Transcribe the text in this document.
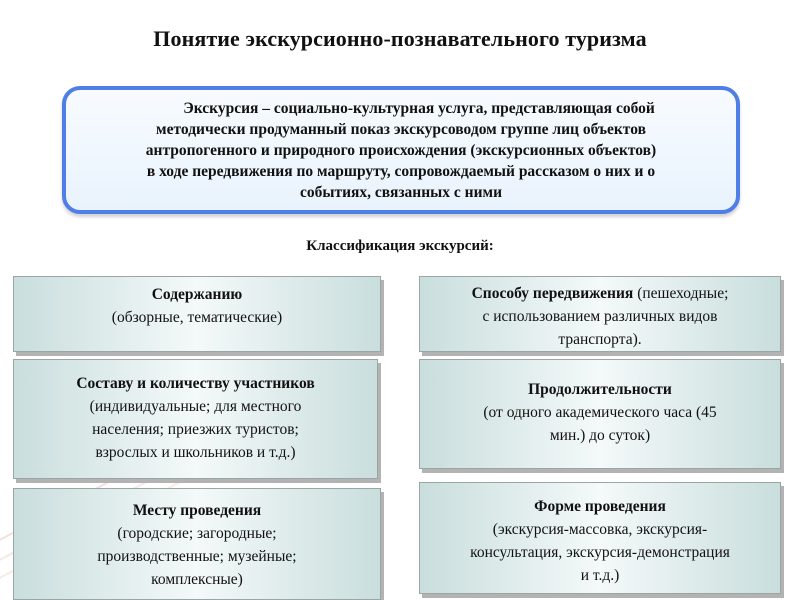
Понятие экскурсионно-познавательного туризма
Экскурсия – социально-культурная услуга, представляющая собой
методически продуманный показ экскурсоводом группе лиц объектов
антропогенного и природного происхождения (экскурсионных объектов)
в ходе передвижения по маршруту, сопровождаемый рассказом о них и о
событиях, связанных с ними
Классификация экскурсий:
Содержанию
(обзорные, тематические)
Способу передвижения (пешеходные;
с использованием различных видов
транспорта).
Составу и количеству участников
(индивидуальные; для местного
населения; приезжих туристов;
взрослых и школьников и т.д.)
Продолжительности
(от одного академического часа (45
мин.) до суток)
Месту проведения
(городские; загородные;
производственные; музейные;
комплексные)
Форме проведения
(экскурсия-массовка, экскурсия-
консультация, экскурсия-демонстрация
и т.д.)
